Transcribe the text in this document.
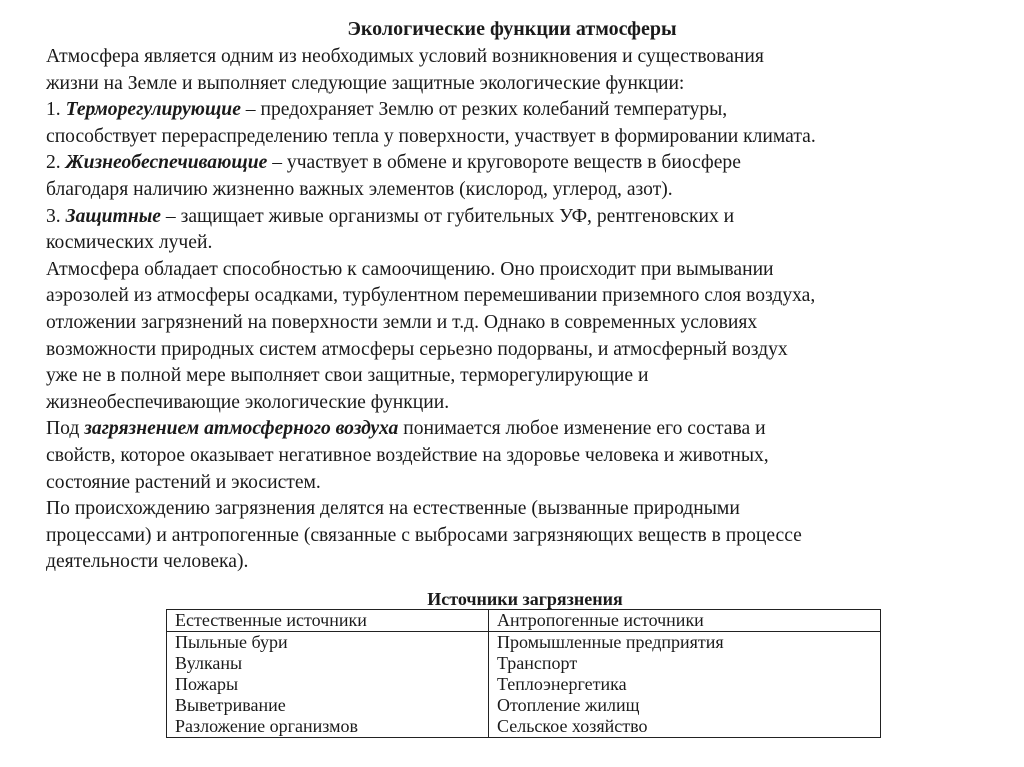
Экологические функции атмосферы
Атмосфера является одним из необходимых условий возникновения и существования
жизни на Земле и выполняет следующие защитные экологические функции:
1. Терморегулирующие – предохраняет Землю от резких колебаний температуры,
способствует перераспределению тепла у поверхности, участвует в формировании климата.
2. Жизнеобеспечивающие – участвует в обмене и круговороте веществ в биосфере
благодаря наличию жизненно важных элементов (кислород, углерод, азот).
3. Защитные – защищает живые организмы от губительных УФ, рентгеновских и
космических лучей.
Атмосфера обладает способностью к самоочищению. Оно происходит при вымывании
аэрозолей из атмосферы осадками, турбулентном перемешивании приземного слоя воздуха,
отложении загрязнений на поверхности земли и т.д. Однако в современных условиях
возможности природных систем атмосферы серьезно подорваны, и атмосферный воздух
уже не в полной мере выполняет свои защитные, терморегулирующие и
жизнеобеспечивающие экологические функции.
Под загрязнением атмосферного воздуха понимается любое изменение его состава и
свойств, которое оказывает негативное воздействие на здоровье человека и животных,
состояние растений и экосистем.
По происхождению загрязнения делятся на естественные (вызванные природными
процессами) и антропогенные (связанные с выбросами загрязняющих веществ в процессе
деятельности человека).
Источники загрязнения
Естественные источники	Антропогенные источники
Пыльные бури	Промышленные предприятия
Вулканы	Транспорт
Пожары	Теплоэнергетика
Выветривание	Отопление жилищ
Разложение организмов	Сельское хозяйство
